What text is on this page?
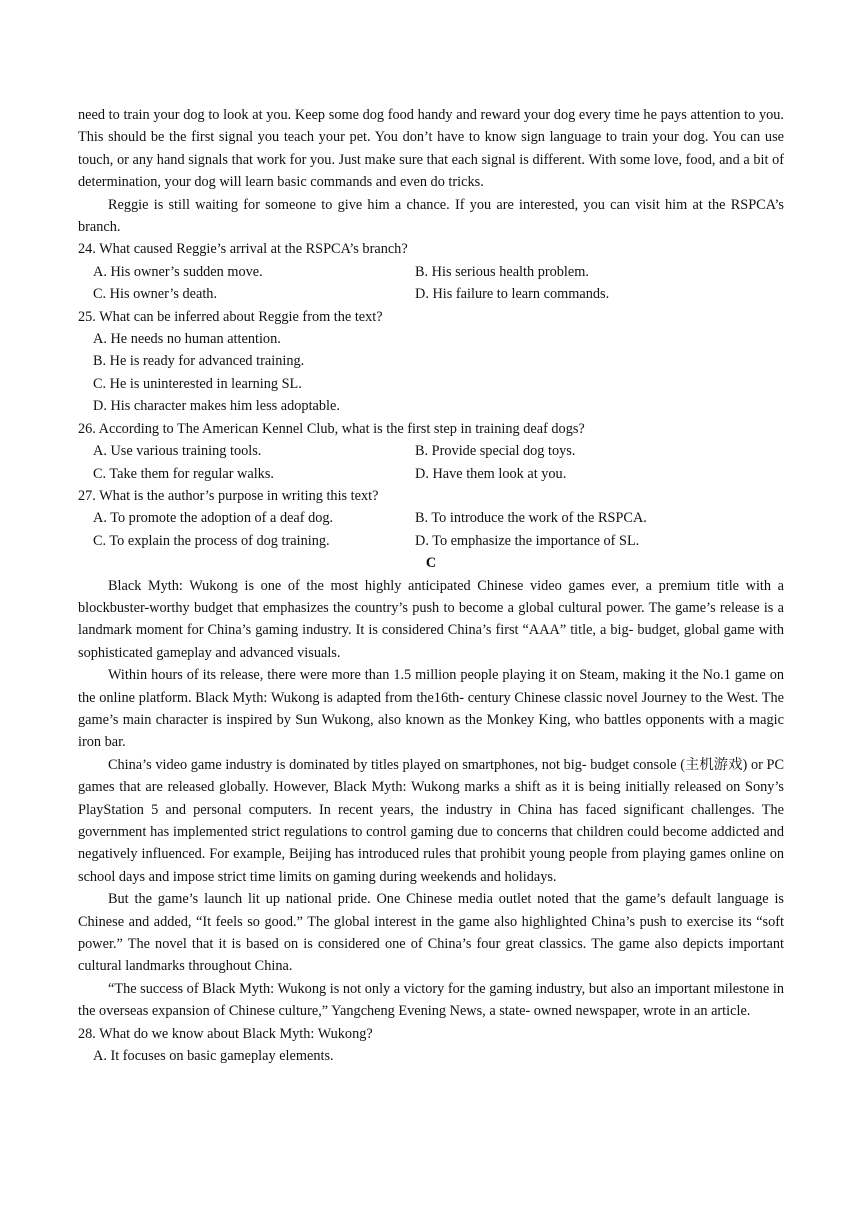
need to train your dog to look at you. Keep some dog food handy and reward your dog every time he pays attention to you. This should be the first signal you teach your pet. You don’t have to know sign language to train your dog. You can use touch, or any hand signals that work for you. Just make sure that each signal is different. With some love, food, and a bit of determination, your dog will learn basic commands and even do tricks.

Reggie is still waiting for someone to give him a chance. If you are interested, you can visit him at the RSPCA’s branch.

24. What caused Reggie’s arrival at the RSPCA’s branch?

A. His owner’s sudden move.	B. His serious health problem.
C. His owner’s death.	D. His failure to learn commands.

25. What can be inferred about Reggie from the text?

A. He needs no human attention.

B. He is ready for advanced training.

C. He is uninterested in learning SL.

D. His character makes him less adoptable.

26. According to The American Kennel Club, what is the first step in training deaf dogs?

A. Use various training tools.	B. Provide special dog toys.
C. Take them for regular walks.	D. Have them look at you.

27. What is the author’s purpose in writing this text?

A. To promote the adoption of a deaf dog.	B. To introduce the work of the RSPCA.
C. To explain the process of dog training.	D. To emphasize the importance of SL.

C

Black Myth: Wukong is one of the most highly anticipated Chinese video games ever, a premium title with a blockbuster-worthy budget that emphasizes the country’s push to become a global cultural power. The game’s release is a landmark moment for China’s gaming industry. It is considered China’s first “AAA” title, a big- budget, global game with sophisticated gameplay and advanced visuals.

Within hours of its release, there were more than 1.5 million people playing it on Steam, making it the No.1 game on the online platform. Black Myth: Wukong is adapted from the16th- century Chinese classic novel Journey to the West. The game’s main character is inspired by Sun Wukong, also known as the Monkey King, who battles opponents with a magic iron bar.

China’s video game industry is dominated by titles played on smartphones, not big- budget console (主机游戏) or PC games that are released globally. However, Black Myth: Wukong marks a shift as it is being initially released on Sony’s PlayStation 5 and personal computers. In recent years, the industry in China has faced significant challenges. The government has implemented strict regulations to control gaming due to concerns that children could become addicted and negatively influenced. For example, Beijing has introduced rules that prohibit young people from playing games online on school days and impose strict time limits on gaming during weekends and holidays.

But the game’s launch lit up national pride. One Chinese media outlet noted that the game’s default language is Chinese and added, “It feels so good.” The global interest in the game also highlighted China’s push to exercise its “soft power.” The novel that it is based on is considered one of China’s four great classics. The game also depicts important cultural landmarks throughout China.

“The success of Black Myth: Wukong is not only a victory for the gaming industry, but also an important milestone in the overseas expansion of Chinese culture,” Yangcheng Evening News, a state- owned newspaper, wrote in an article.

28. What do we know about Black Myth: Wukong?

A. It focuses on basic gameplay elements.
